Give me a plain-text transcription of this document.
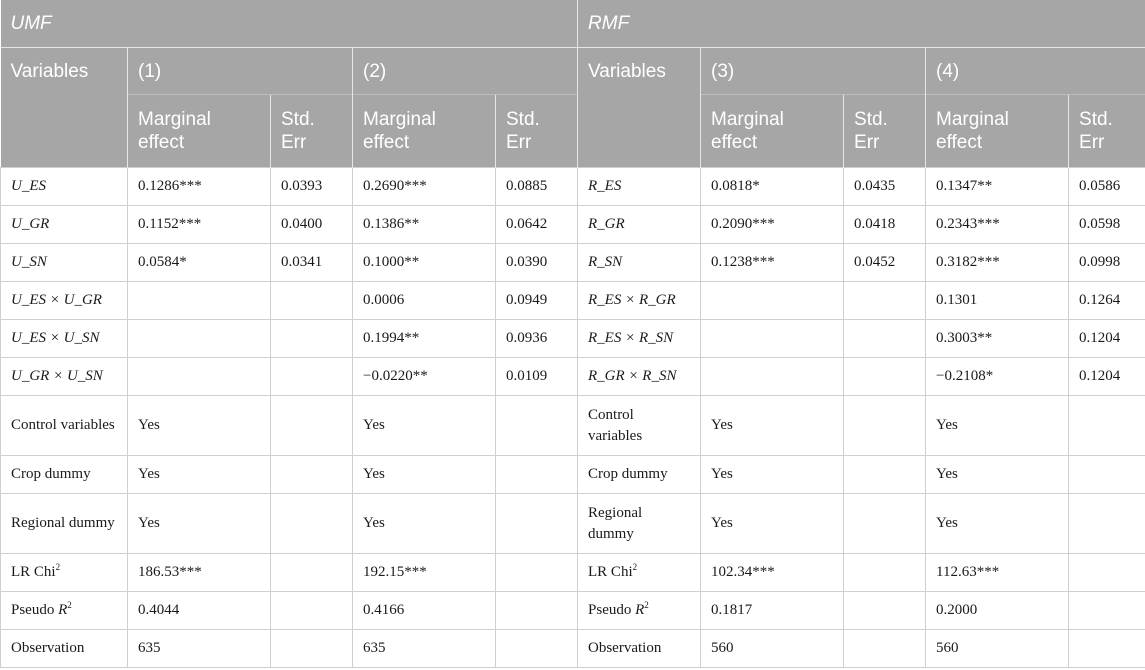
UMF					RMF				
Variables	(1)		(2)		Variables	(3)		(4)	
	Marginal effect	Std. Err	Marginal effect	Std. Err		Marginal effect	Std. Err	Marginal effect	Std. Err
U_ES	0.1286***	0.0393	0.2690***	0.0885	R_ES	0.0818*	0.0435	0.1347**	0.0586
U_GR	0.1152***	0.0400	0.1386**	0.0642	R_GR	0.2090***	0.0418	0.2343***	0.0598
U_SN	0.0584*	0.0341	0.1000**	0.0390	R_SN	0.1238***	0.0452	0.3182***	0.0998
U_ES × U_GR			0.0006	0.0949	R_ES × R_GR			0.1301	0.1264
U_ES × U_SN			0.1994**	0.0936	R_ES × R_SN			0.3003**	0.1204
U_GR × U_SN			−0.0220**	0.0109	R_GR × R_SN			−0.2108*	0.1204
Control variables	Yes		Yes		Control variables	Yes		Yes	
Crop dummy	Yes		Yes		Crop dummy	Yes		Yes	
Regional dummy	Yes		Yes		Regional dummy	Yes		Yes	
LR Chi$^2$	186.53***		192.15***		LR Chi$^2$	102.34***		112.63***	
Pseudo $R^2$	0.4044		0.4166		Pseudo $R^2$	0.1817		0.2000	
Observation	635		635		Observation	560		560	
